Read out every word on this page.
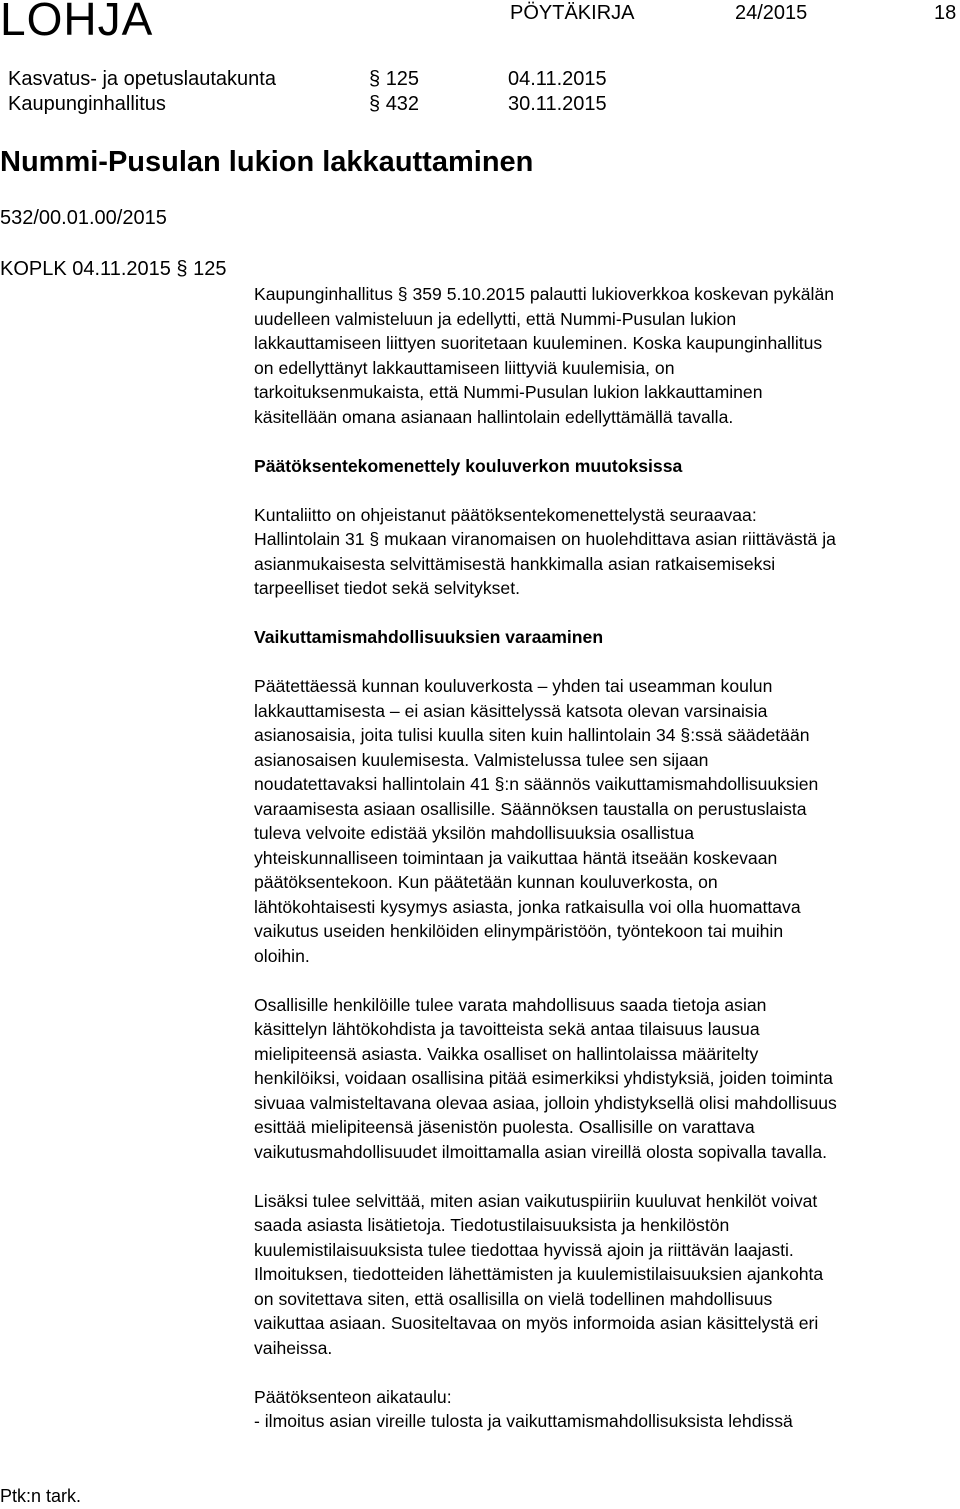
LOHJA	PÖYTÄKIRJA	24/2015	18
Kasvatus- ja opetuslautakunta	§ 125	04.11.2015
Kaupunginhallitus	§ 432	30.11.2015
Nummi-Pusulan lukion lakkauttaminen
532/00.01.00/2015
KOPLK 04.11.2015 § 125

Kaupunginhallitus § 359 5.10.2015 palautti lukioverkkoa koskevan pykälän

uudelleen valmisteluun ja edellytti, että Nummi-Pusulan lukion

lakkauttamiseen liittyen suoritetaan kuuleminen. Koska kaupunginhallitus

on edellyttänyt lakkauttamiseen liittyviä kuulemisia, on

tarkoituksenmukaista, että Nummi-Pusulan lukion lakkauttaminen

käsitellään omana asianaan hallintolain edellyttämällä tavalla.

Päätöksentekomenettely kouluverkon muutoksissa

Kuntaliitto on ohjeistanut päätöksentekomenettelystä seuraavaa:

Hallintolain 31 § mukaan viranomaisen on huolehdittava asian riittävästä ja

asianmukaisesta selvittämisestä hankkimalla asian ratkaisemiseksi

tarpeelliset tiedot sekä selvitykset.

Vaikuttamismahdollisuuksien varaaminen

Päätettäessä kunnan kouluverkosta – yhden tai useamman koulun

lakkauttamisesta – ei asian käsittelyssä katsota olevan varsinaisia

asianosaisia, joita tulisi kuulla siten kuin hallintolain 34 §:ssä säädetään

asianosaisen kuulemisesta. Valmistelussa tulee sen sijaan

noudatettavaksi hallintolain 41 §:n säännös vaikuttamismahdollisuuksien

varaamisesta asiaan osallisille. Säännöksen taustalla on perustuslaista

tuleva velvoite edistää yksilön mahdollisuuksia osallistua

yhteiskunnalliseen toimintaan ja vaikuttaa häntä itseään koskevaan

päätöksentekoon. Kun päätetään kunnan kouluverkosta, on

lähtökohtaisesti kysymys asiasta, jonka ratkaisulla voi olla huomattava

vaikutus useiden henkilöiden elinympäristöön, työntekoon tai muihin

oloihin.

Osallisille henkilöille tulee varata mahdollisuus saada tietoja asian

käsittelyn lähtökohdista ja tavoitteista sekä antaa tilaisuus lausua

mielipiteensä asiasta. Vaikka osalliset on hallintolaissa määritelty

henkilöiksi, voidaan osallisina pitää esimerkiksi yhdistyksiä, joiden toiminta

sivuaa valmisteltavana olevaa asiaa, jolloin yhdistyksellä olisi mahdollisuus

esittää mielipiteensä jäsenistön puolesta. Osallisille on varattava

vaikutusmahdollisuudet ilmoittamalla asian vireillä olosta sopivalla tavalla.

Lisäksi tulee selvittää, miten asian vaikutuspiiriin kuuluvat henkilöt voivat

saada asiasta lisätietoja. Tiedotustilaisuuksista ja henkilöstön

kuulemistilaisuuksista tulee tiedottaa hyvissä ajoin ja riittävän laajasti.

Ilmoituksen, tiedotteiden lähettämisten ja kuulemistilaisuuksien ajankohta

on sovitettava siten, että osallisilla on vielä todellinen mahdollisuus

vaikuttaa asiaan. Suositeltavaa on myös informoida asian käsittelystä eri

vaiheissa.

Päätöksenteon aikataulu:

- ilmoitus asian vireille tulosta ja vaikuttamismahdollisuksista lehdissä

Ptk:n tark.
